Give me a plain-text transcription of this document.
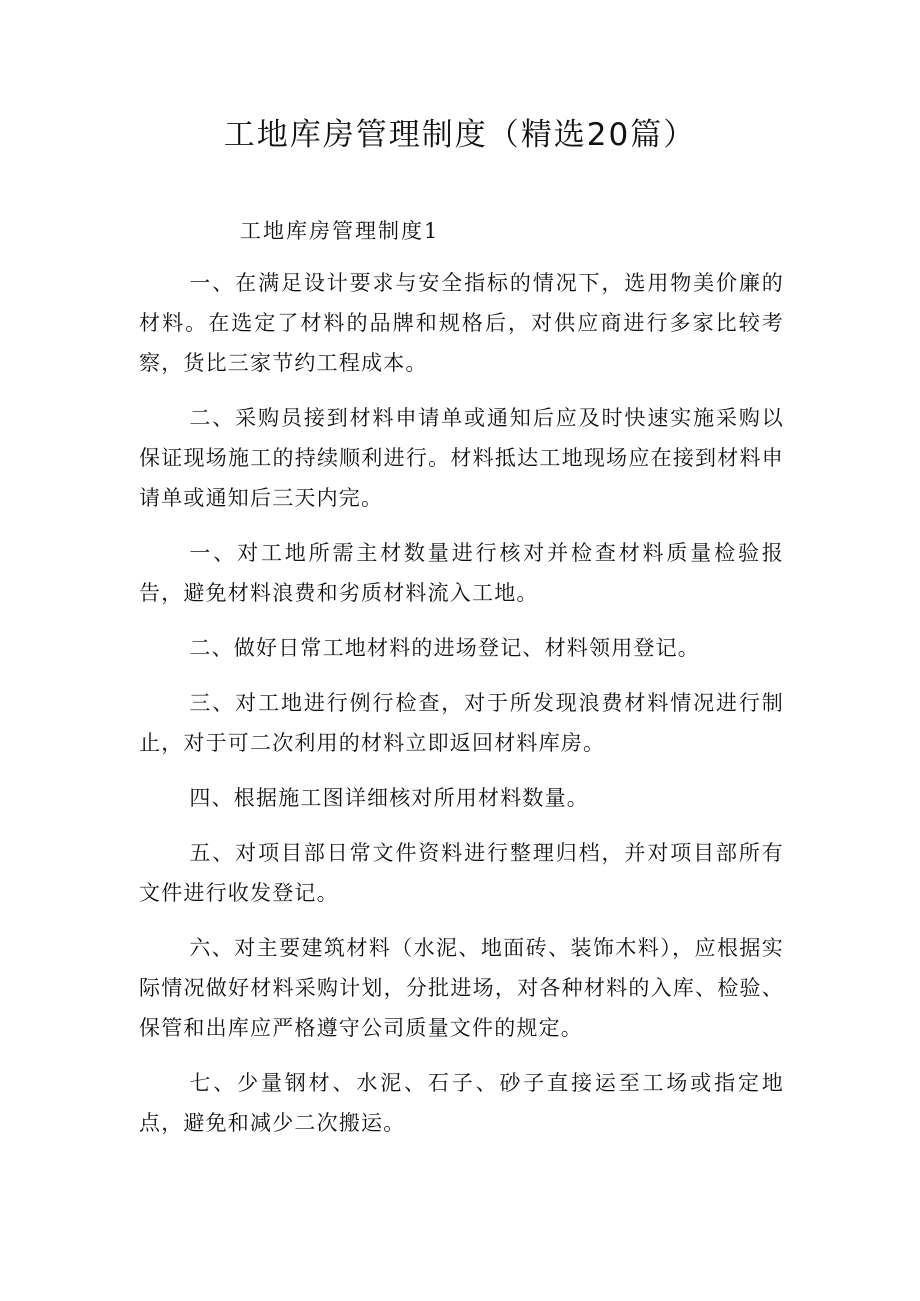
工地库房管理制度（精选20篇）
工地库房管理制度1

一、在满足设计要求与安全指标的情况下，选用物美价廉的材料。在选定了材料的品牌和规格后，对供应商进行多家比较考察，货比三家节约工程成本。

二、采购员接到材料申请单或通知后应及时快速实施采购以保证现场施工的持续顺利进行。材料抵达工地现场应在接到材料申请单或通知后三天内完。

一、对工地所需主材数量进行核对并检查材料质量检验报告，避免材料浪费和劣质材料流入工地。

二、做好日常工地材料的进场登记、材料领用登记。

三、对工地进行例行检查，对于所发现浪费材料情况进行制止，对于可二次利用的材料立即返回材料库房。

四、根据施工图详细核对所用材料数量。

五、对项目部日常文件资料进行整理归档，并对项目部所有文件进行收发登记。

六、对主要建筑材料（水泥、地面砖、装饰木料），应根据实际情况做好材料采购计划，分批进场，对各种材料的入库、检验、保管和出库应严格遵守公司质量文件的规定。

七、少量钢材、水泥、石子、砂子直接运至工场或指定地点，避免和减少二次搬运。
